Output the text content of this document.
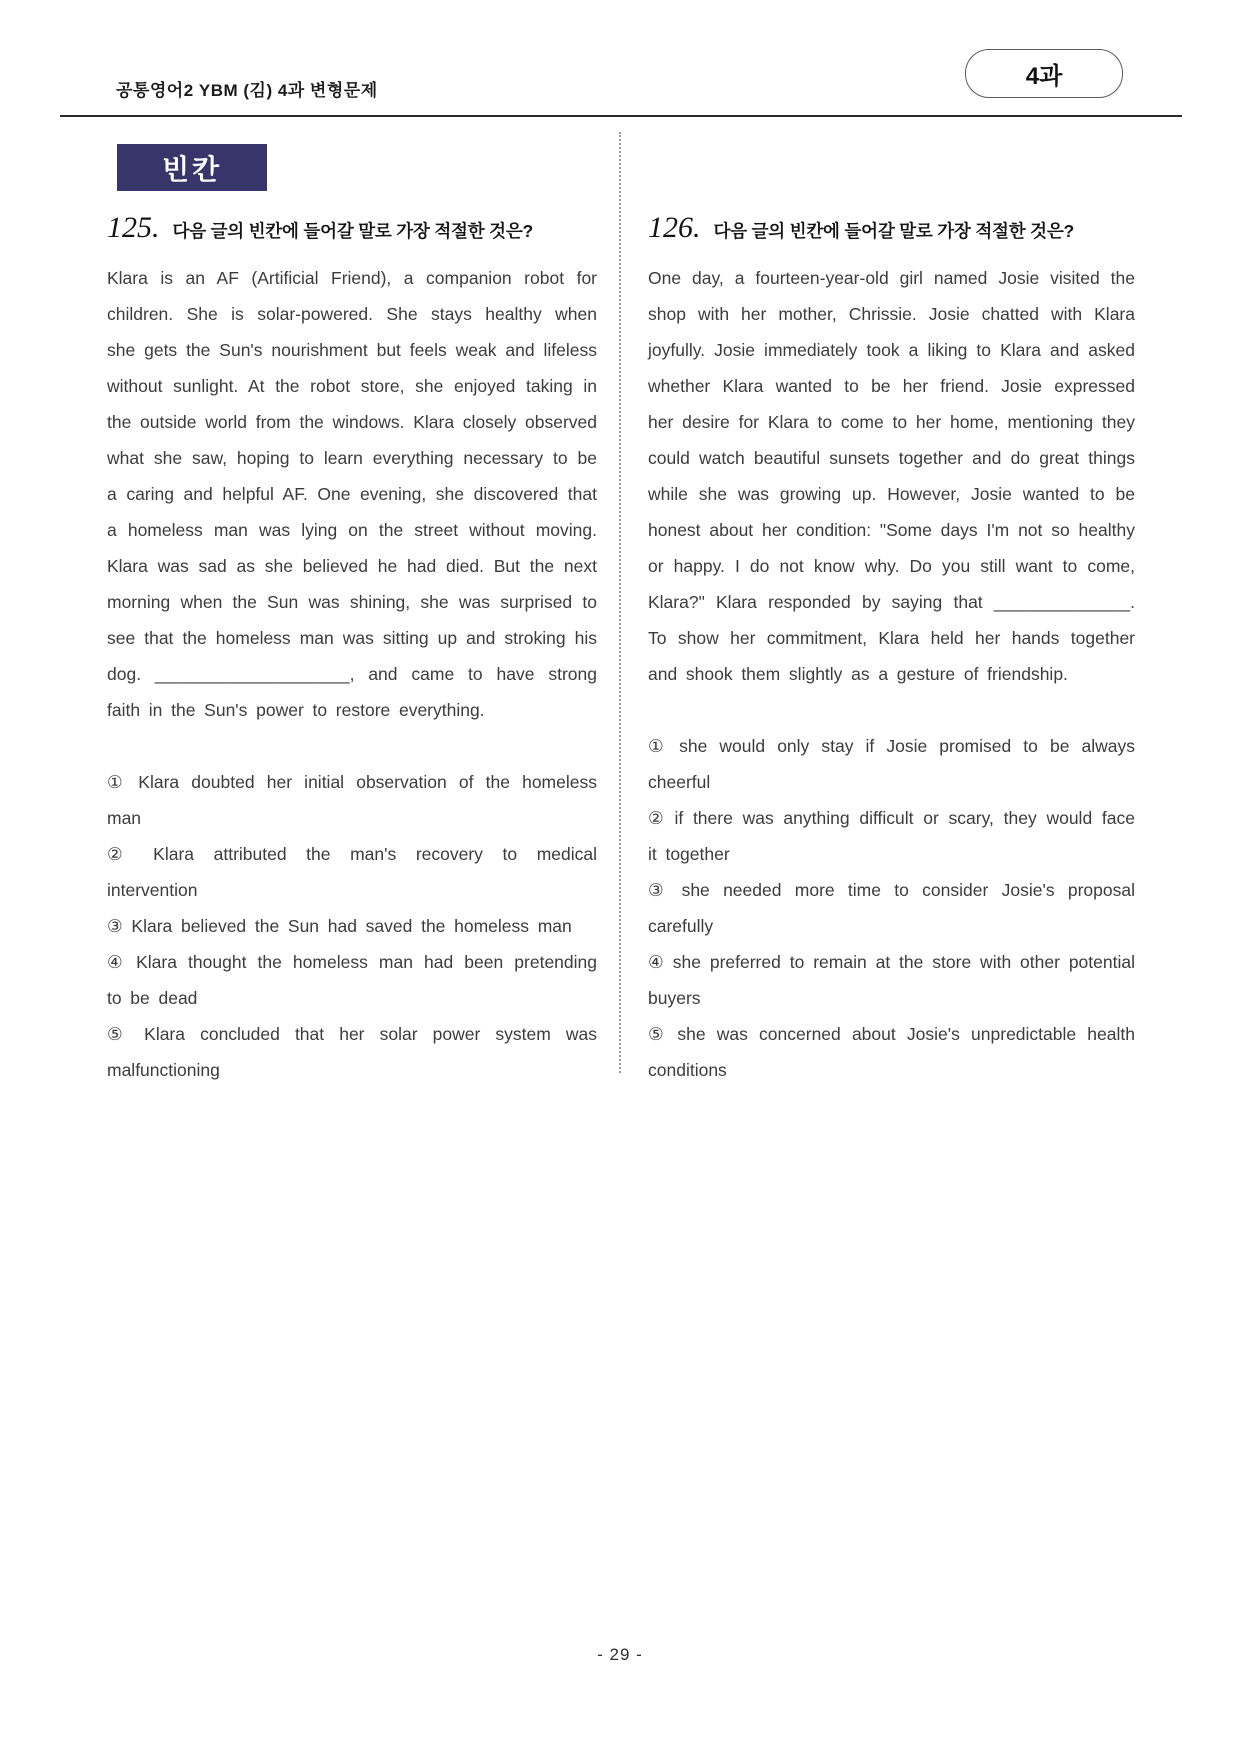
공통영어2 YBM (김) 4과 변형문제
4과
빈칸
125. 다음 글의 빈칸에 들어갈 말로 가장 적절한 것은?

Klara is an AF (Artificial Friend), a companion robot for children. She is solar-powered. She stays healthy when she gets the Sun's nourishment but feels weak and lifeless without sunlight. At the robot store, she enjoyed taking in the outside world from the windows. Klara closely observed what she saw, hoping to learn everything necessary to be a caring and helpful AF. One evening, she discovered that a homeless man was lying on the street without moving. Klara was sad as she believed he had died. But the next morning when the Sun was shining, she was surprised to see that the homeless man was sitting up and stroking his dog. ____________________, and came to have strong faith in the Sun's power to restore everything.

① Klara doubted her initial observation of the homeless man
② Klara attributed the man's recovery to medical intervention
③ Klara believed the Sun had saved the homeless man
④ Klara thought the homeless man had been pretending to be dead
⑤ Klara concluded that her solar power system was malfunctioning
126. 다음 글의 빈칸에 들어갈 말로 가장 적절한 것은?

One day, a fourteen-year-old girl named Josie visited the shop with her mother, Chrissie. Josie chatted with Klara joyfully. Josie immediately took a liking to Klara and asked whether Klara wanted to be her friend. Josie expressed her desire for Klara to come to her home, mentioning they could watch beautiful sunsets together and do great things while she was growing up. However, Josie wanted to be honest about her condition: "Some days I'm not so healthy or happy. I do not know why. Do you still want to come, Klara?" Klara responded by saying that ______________. To show her commitment, Klara held her hands together and shook them slightly as a gesture of friendship.

① she would only stay if Josie promised to be always cheerful
② if there was anything difficult or scary, they would face it together
③ she needed more time to consider Josie's proposal carefully
④ she preferred to remain at the store with other potential buyers
⑤ she was concerned about Josie's unpredictable health conditions
- 29 -
